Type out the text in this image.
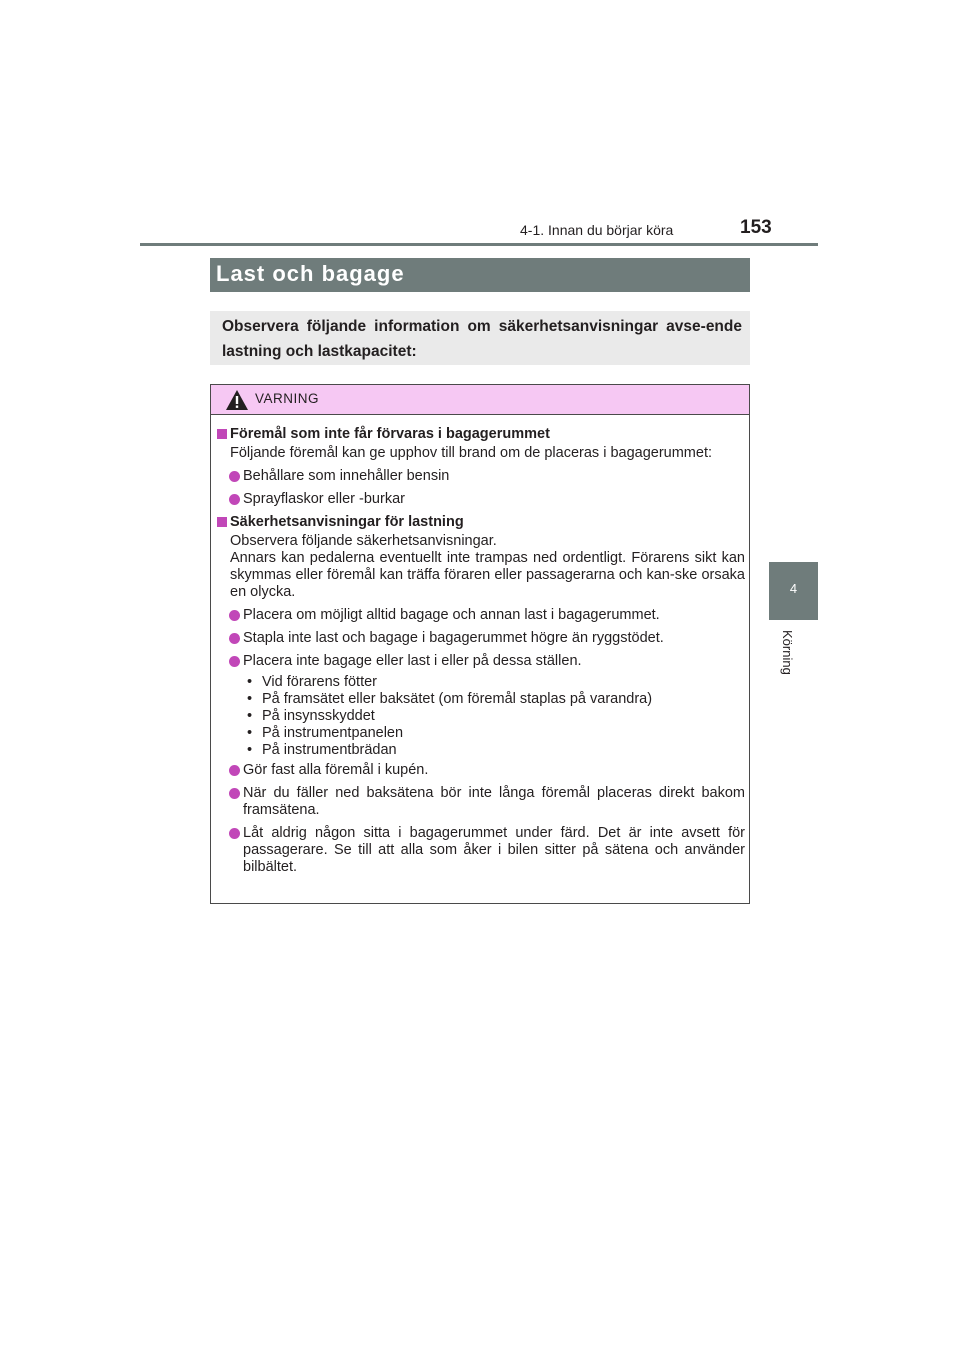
4-1. Innan du börjar köra	153
4
Körning
Last och bagage
Observera följande information om säkerhetsanvisningar avse-ende lastning och lastkapacitet:
VARNING
Föremål som inte får förvaras i bagagerummet
Följande föremål kan ge upphov till brand om de placeras i bagagerummet:
Behållare som innehåller bensin
Sprayflaskor eller -burkar
Säkerhetsanvisningar för lastning
Observera följande säkerhetsanvisningar.
Annars kan pedalerna eventuellt inte trampas ned ordentligt. Förarens sikt kan skymmas eller föremål kan träffa föraren eller passagerarna och kan-ske orsaka en olycka.
Placera om möjligt alltid bagage och annan last i bagagerummet.
Stapla inte last och bagage i bagagerummet högre än ryggstödet.
Placera inte bagage eller last i eller på dessa ställen.
• Vid förarens fötter
• På framsätet eller baksätet (om föremål staplas på varandra)
• På insynsskyddet
• På instrumentpanelen
• På instrumentbrädan
Gör fast alla föremål i kupén.
När du fäller ned baksätena bör inte långa föremål placeras direkt bakom framsätena.
Låt aldrig någon sitta i bagagerummet under färd. Det är inte avsett för passagerare. Se till att alla som åker i bilen sitter på sätena och använder bilbältet.
